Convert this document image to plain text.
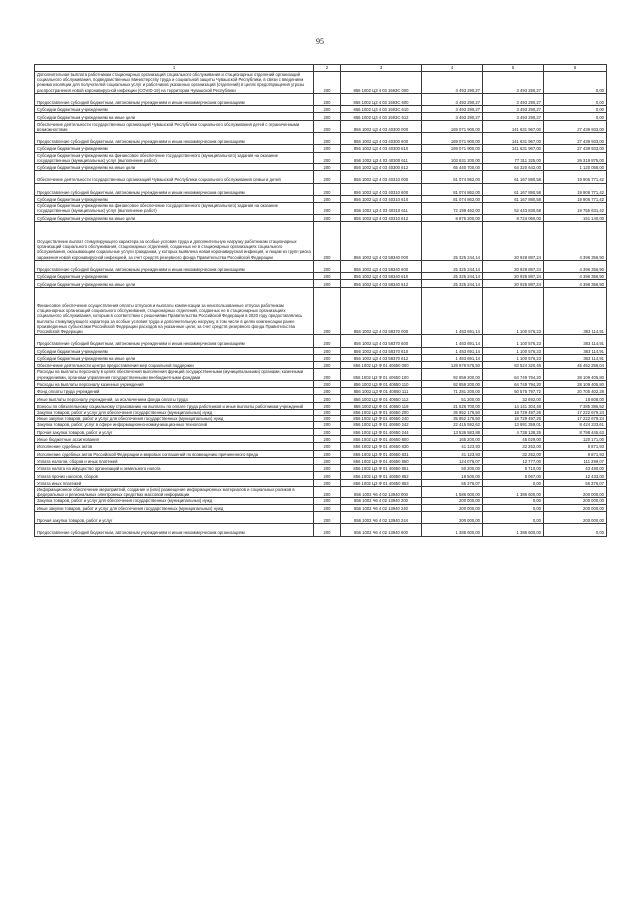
95
1	2	3	4	5	6
Дополнительная выплата работникам стационарных организаций социального обслуживания и стационарных отделений организаций социального обслуживания, подведомственных Министерству труда и социальной защиты Чувашской Республики, в связи с введением режима изоляции для получателей социальных услуг и работников указанных организаций (отделений) в целях предотвращения угрозы распространения новой коронавирусной инфекции (COVID-19) на территории Чувашской Республики	200	856 1002 Ц3 4 03 1593С 000	3 493 290,27	3 493 290,27	0,00
Предоставление субсидий бюджетным, автономным учреждениям и иным некоммерческим организациям	200	856 1002 Ц3 4 03 1593С 600	3 493 290,27	3 493 290,27	0,00
Субсидии бюджетным учреждениям	200	856 1002 Ц3 4 03 1593С 610	3 493 290,27	3 493 290,27	0,00
Субсидии бюджетным учреждениям на иные цели	200	856 1002 Ц3 4 03 1593С 612	3 493 290,27	3 493 290,27	0,00
Обеспечение деятельности государственных организаций Чувашской Республики социального обслуживания детей с ограниченными возможностями	200	856 1002 Ц3 4 03 40300 000	169 071 900,00	141 631 967,00	27 439 933,00
Предоставление субсидий бюджетным, автономным учреждениям и иным некоммерческим организациям	200	856 1002 Ц3 4 03 40300 600	169 071 900,00	141 631 967,00	27 439 933,00
Субсидии бюджетным учреждениям	200	856 1002 Ц3 4 03 40300 610	169 071 900,00	141 631 967,00	27 439 933,00
Субсидии бюджетным учреждениям на финансовое обеспечение государственного (муниципального) задания на оказание государственных (муниципальных) услуг (выполнение работ)	200	856 1002 Ц3 4 03 40300 611	103 631 200,00	77 311 325,00	26 319 875,00
Субсидии бюджетным учреждениям на иные цели	200	856 1002 Ц3 4 03 40300 612	65 440 700,00	64 320 642,00	1 120 058,00
Обеспечение деятельности государственных организаций Чувашской Республики социального обслуживания семьи и детей	200	856 1002 Ц3 4 03 40310 000	81 074 862,00	61 167 890,58	19 906 771,42
Предоставление субсидий бюджетным, автономным учреждениям и иным некоммерческим организациям	200	856 1002 Ц3 4 03 40310 600	81 074 862,00	61 167 890,58	19 906 771,42
Субсидии бюджетным учреждениям	200	856 1002 Ц3 4 03 40310 610	81 074 862,00	61 167 890,58	19 906 771,42
Субсидии бюджетным учреждениям на финансовое обеспечение государственного (муниципального) задания на оказание государственных (муниципальных) услуг (выполнение работ)	200	856 1002 Ц3 4 03 40310 611	72 199 462,00	52 443 830,58	19 755 631,42
Субсидии бюджетным учреждениям на иные цели	200	856 1002 Ц3 4 03 40310 612	8 875 200,00	8 724 060,00	151 140,00
Осуществление выплат стимулирующего характера за особые условия труда и дополнительную нагрузку работникам стационарных организаций социального обслуживания, стационарных отделений, созданных не в стационарных организациях социального обслуживания, оказывающим социальные услуги гражданам, у которых выявлена новая коронавирусная инфекция, и лицам из групп риска заражения новой коронавирусной инфекцией, за счет средств резервного фонда Правительства Российской Федерации	200	856 1002 Ц3 4 03 58340 000	25 325 244,14	20 928 887,24	4 396 356,90
Предоставление субсидий бюджетным, автономным учреждениям и иным некоммерческим организациям	200	856 1002 Ц3 4 03 58340 600	25 325 244,14	20 928 887,24	4 396 356,90
Субсидии бюджетным учреждениям	200	856 1002 Ц3 4 03 58340 610	25 325 244,14	20 928 887,24	4 396 356,90
Субсидии бюджетным учреждениям на иные цели	200	856 1002 Ц3 4 03 58340 612	25 325 244,14	20 928 887,24	4 396 356,90
Финансовое обеспечение осуществления оплаты отпусков и выплаты компенсации за неиспользованные отпуска работникам стационарных организаций социального обслуживания, стационарных отделений, созданных не в стационарных организациях социального обслуживания, которым в соответствии с решениями Правительства Российской Федерации в 2020 году предоставлялись выплаты стимулирующего характера за особые условия труда и дополнительную нагрузку, в том числе в целях компенсации ранее произведенных субъектами Российской Федерации расходов на указанные цели, за счет средств резервного фонда Правительства Российской Федерации	200	856 1002 Ц3 4 03 58370 000	1 483 691,14	1 100 576,23	383 114,91
Предоставление субсидий бюджетным, автономным учреждениям и иным некоммерческим организациям	200	856 1002 Ц3 4 03 58370 600	1 483 691,14	1 100 576,23	383 114,91
Субсидии бюджетным учреждениям	200	856 1002 Ц3 4 03 58370 610	1 483 691,14	1 100 576,23	383 114,91
Субсидии бюджетным учреждениям на иные цели	200	856 1002 Ц3 4 03 58370 612	1 483 691,14	1 100 576,23	383 114,91
Обеспечение деятельности центра предоставления мер социальной поддержки	200	856 1002 Ц3 Ф 01 40650 000	128 976 576,50	83 524 320,46	45 452 256,04
Расходы на выплаты персоналу в целях обеспечения выполнения функций государственными (муниципальными) органами, казенными учреждениями, органами управления государственными внебюджетными фондами	200	856 1002 Ц3 Ф 01 40650 100	92 859 200,00	64 749 794,20	28 109 405,80
Расходы на выплаты персоналу казенных учреждений	200	856 1002 Ц3 Ф 01 40650 110	92 859 200,00	64 749 794,20	28 109 405,80
Фонд оплаты труда учреждений	200	856 1002 Ц3 Ф 01 40650 111	71 281 200,00	50 575 797,72	20 705 402,28
Иные выплаты персоналу учреждений, за исключением фонда оплаты труда	200	856 1002 Ц3 Ф 01 40650 112	51 300,00	32 692,00	18 608,00
Взносы по обязательному социальному страхованию на выплаты по оплате труда работников и иные выплаты работникам учреждений	200	856 1002 Ц3 Ф 01 40650 119	21 526 700,00	14 141 304,48	7 385 395,52
Закупка товаров, работ и услуг для обеспечения государственных (муниципальных) нужд	200	856 1002 Ц3 Ф 01 40650 200	35 952 176,50	18 729 497,26	17 222 679,24
Иные закупки товаров, работ и услуг для обеспечения государственных (муниципальных) нужд	200	856 1002 Ц3 Ф 01 40650 240	35 952 176,50	18 729 497,26	17 222 679,24
Закупка товаров, работ, услуг в сфере информационно-коммуникационных технологий	200	856 1002 Ц3 Ф 01 40650 242	22 415 592,62	13 991 359,01	8 424 233,61
Прочая закупка товаров, работ и услуг	200	856 1002 Ц3 Ф 01 40650 244	13 536 583,88	4 738 138,25	8 798 445,63
Иные бюджетные ассигнования	200	856 1002 Ц3 Ф 01 40650 800	165 200,00	45 029,00	120 171,00
Исполнение судебных актов	200	856 1002 Ц3 Ф 01 40650 830	41 123,93	32 252,00	8 871,93
Исполнение судебных актов Российской Федерации и мировых соглашений по возмещению причиненного вреда	200	856 1002 Ц3 Ф 01 40650 831	41 123,93	32 252,00	8 871,93
Уплата налогов, сборов и иных платежей	200	856 1002 Ц3 Ф 01 40650 850	124 076,07	12 777,00	111 299,07
Уплата налога на имущество организаций и земельного налога	200	856 1002 Ц3 Ф 01 40650 851	50 200,00	6 710,00	43 490,00
Уплата прочих налогов, сборов	200	856 1002 Ц3 Ф 01 40650 852	18 500,00	6 067,00	12 433,00
Уплата иных платежей	200	856 1002 Ц3 Ф 01 40650 853	55 376,07	0,00	55 376,07
Информационное обеспечение мероприятий, создание и (или) размещение информационных материалов и социальных роликов в федеральных и региональных электронных средствах массовой информации	200	856 1002 Ч6 4 02 13940 000	1 586 600,00	1 386 600,00	200 000,00
Закупка товаров, работ и услуг для обеспечения государственных (муниципальных) нужд	200	856 1002 Ч6 4 02 13940 200	200 000,00	0,00	200 000,00
Иные закупки товаров, работ и услуг для обеспечения государственных (муниципальных) нужд	200	856 1002 Ч6 4 02 13940 240	200 000,00	0,00	200 000,00
Прочая закупка товаров, работ и услуг	200	856 1002 Ч6 4 02 13940 244	200 000,00	0,00	200 000,00
Предоставление субсидий бюджетным, автономным учреждениям и иным некоммерческим организациям	200	856 1002 Ч6 4 02 13940 600	1 386 600,00	1 386 600,00	0,00
